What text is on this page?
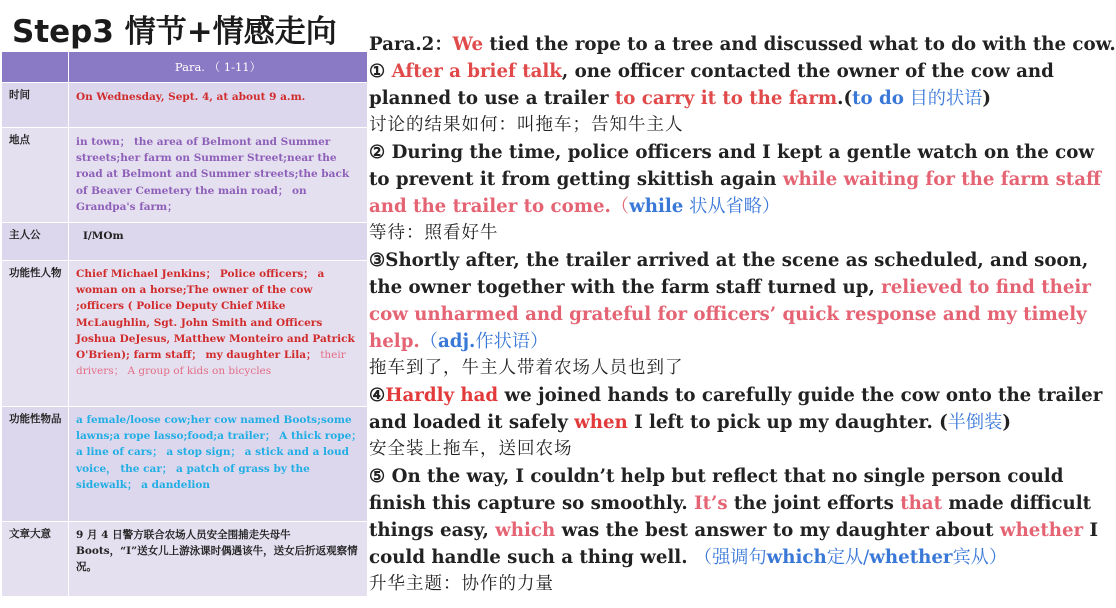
Step3 情节+情感走向
	Para. （ 1-11）
时间	On Wednesday, Sept. 4, at about 9 a.m.
地点	in town； the area of Belmont and Summer streets;her farm on Summer Street;near the road at Belmont and Summer streets;the back of Beaver Cemetery the main road； on Grandpa's farm；
主人公	I/MOm
功能性人物	Chief Michael Jenkins； Police officers； a woman on a horse;The owner of the cow ;officers ( Police Deputy Chief Mike McLaughlin, Sgt. John Smith and Officers Joshua DeJesus, Matthew Monteiro and Patrick O'Brien); farm staff； my daughter Lila； their drivers； A group of kids on bicycles
功能性物品	a female/loose cow;her cow named Boots;some lawns;a rope lasso;food;a trailer； A thick rope； a line of cars； a stop sign； a stick and a loud voice， the car； a patch of grass by the sidewalk； a dandelion
文章大意	9 月 4 日警方联合农场人员安全围捕走失母牛 Boots，“I”送女儿上游泳课时偶遇该牛，送女后折返观察情况。
Para.2：We tied the rope to a tree and discussed what to do with the cow.
① After a brief talk, one officer contacted the owner of the cow and
planned to use a trailer to carry it to the farm.(to do 目的状语)
讨论的结果如何：叫拖车；告知牛主人
② During the time, police officers and I kept a gentle watch on the cow
to prevent it from getting skittish again while waiting for the farm staff
and the trailer to come.（while 状从省略）
等待：照看好牛
③Shortly after, the trailer arrived at the scene as scheduled, and soon,
the owner together with the farm staff turned up, relieved to find their
cow unharmed and grateful for officers’ quick response and my timely
help.（adj.作状语）
拖车到了，牛主人带着农场人员也到了
④Hardly had we joined hands to carefully guide the cow onto the trailer
and loaded it safely when I left to pick up my daughter. (半倒装)
安全装上拖车，送回农场
⑤ On the way, I couldn’t help but reflect that no single person could
finish this capture so smoothly. It’s the joint efforts that made difficult
things easy, which was the best answer to my daughter about whether I
could handle such a thing well. （强调句which定从/whether宾从）
升华主题：协作的力量
